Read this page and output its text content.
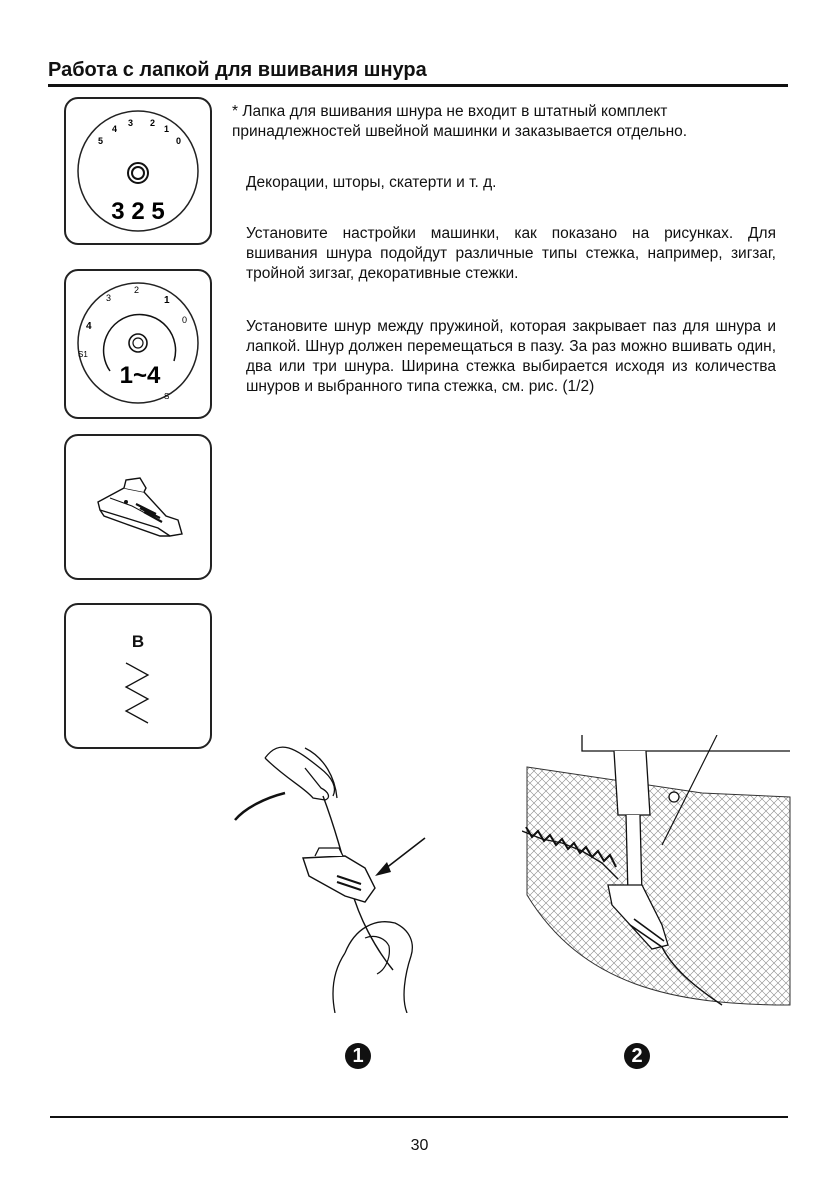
Работа с лапкой для вшивания шнура
5
4
3 2
1
0
3 2 5
3
2
1
0
4
S1
S
1~4
B
* Лапка для вшивания шнура не входит в штатный комплект принадлежностей швейной машинки и заказывается отдельно.

Декорации, шторы, скатерти и т. д.

Установите настройки машинки, как показано на рисунках. Для вшивания шнура подойдут различные типы стежка, например, зигзаг, тройной зигзаг, декоративные стежки.

Установите шнур между пружиной, которая закрывает паз для шнура и лапкой. Шнур должен перемещаться в пазу. За раз можно вшивать один, два или три шнура. Ширина стежка выбирается исходя из количества шнуров и выбранного типа стежка, см. рис. (1/2)

1	2
30
